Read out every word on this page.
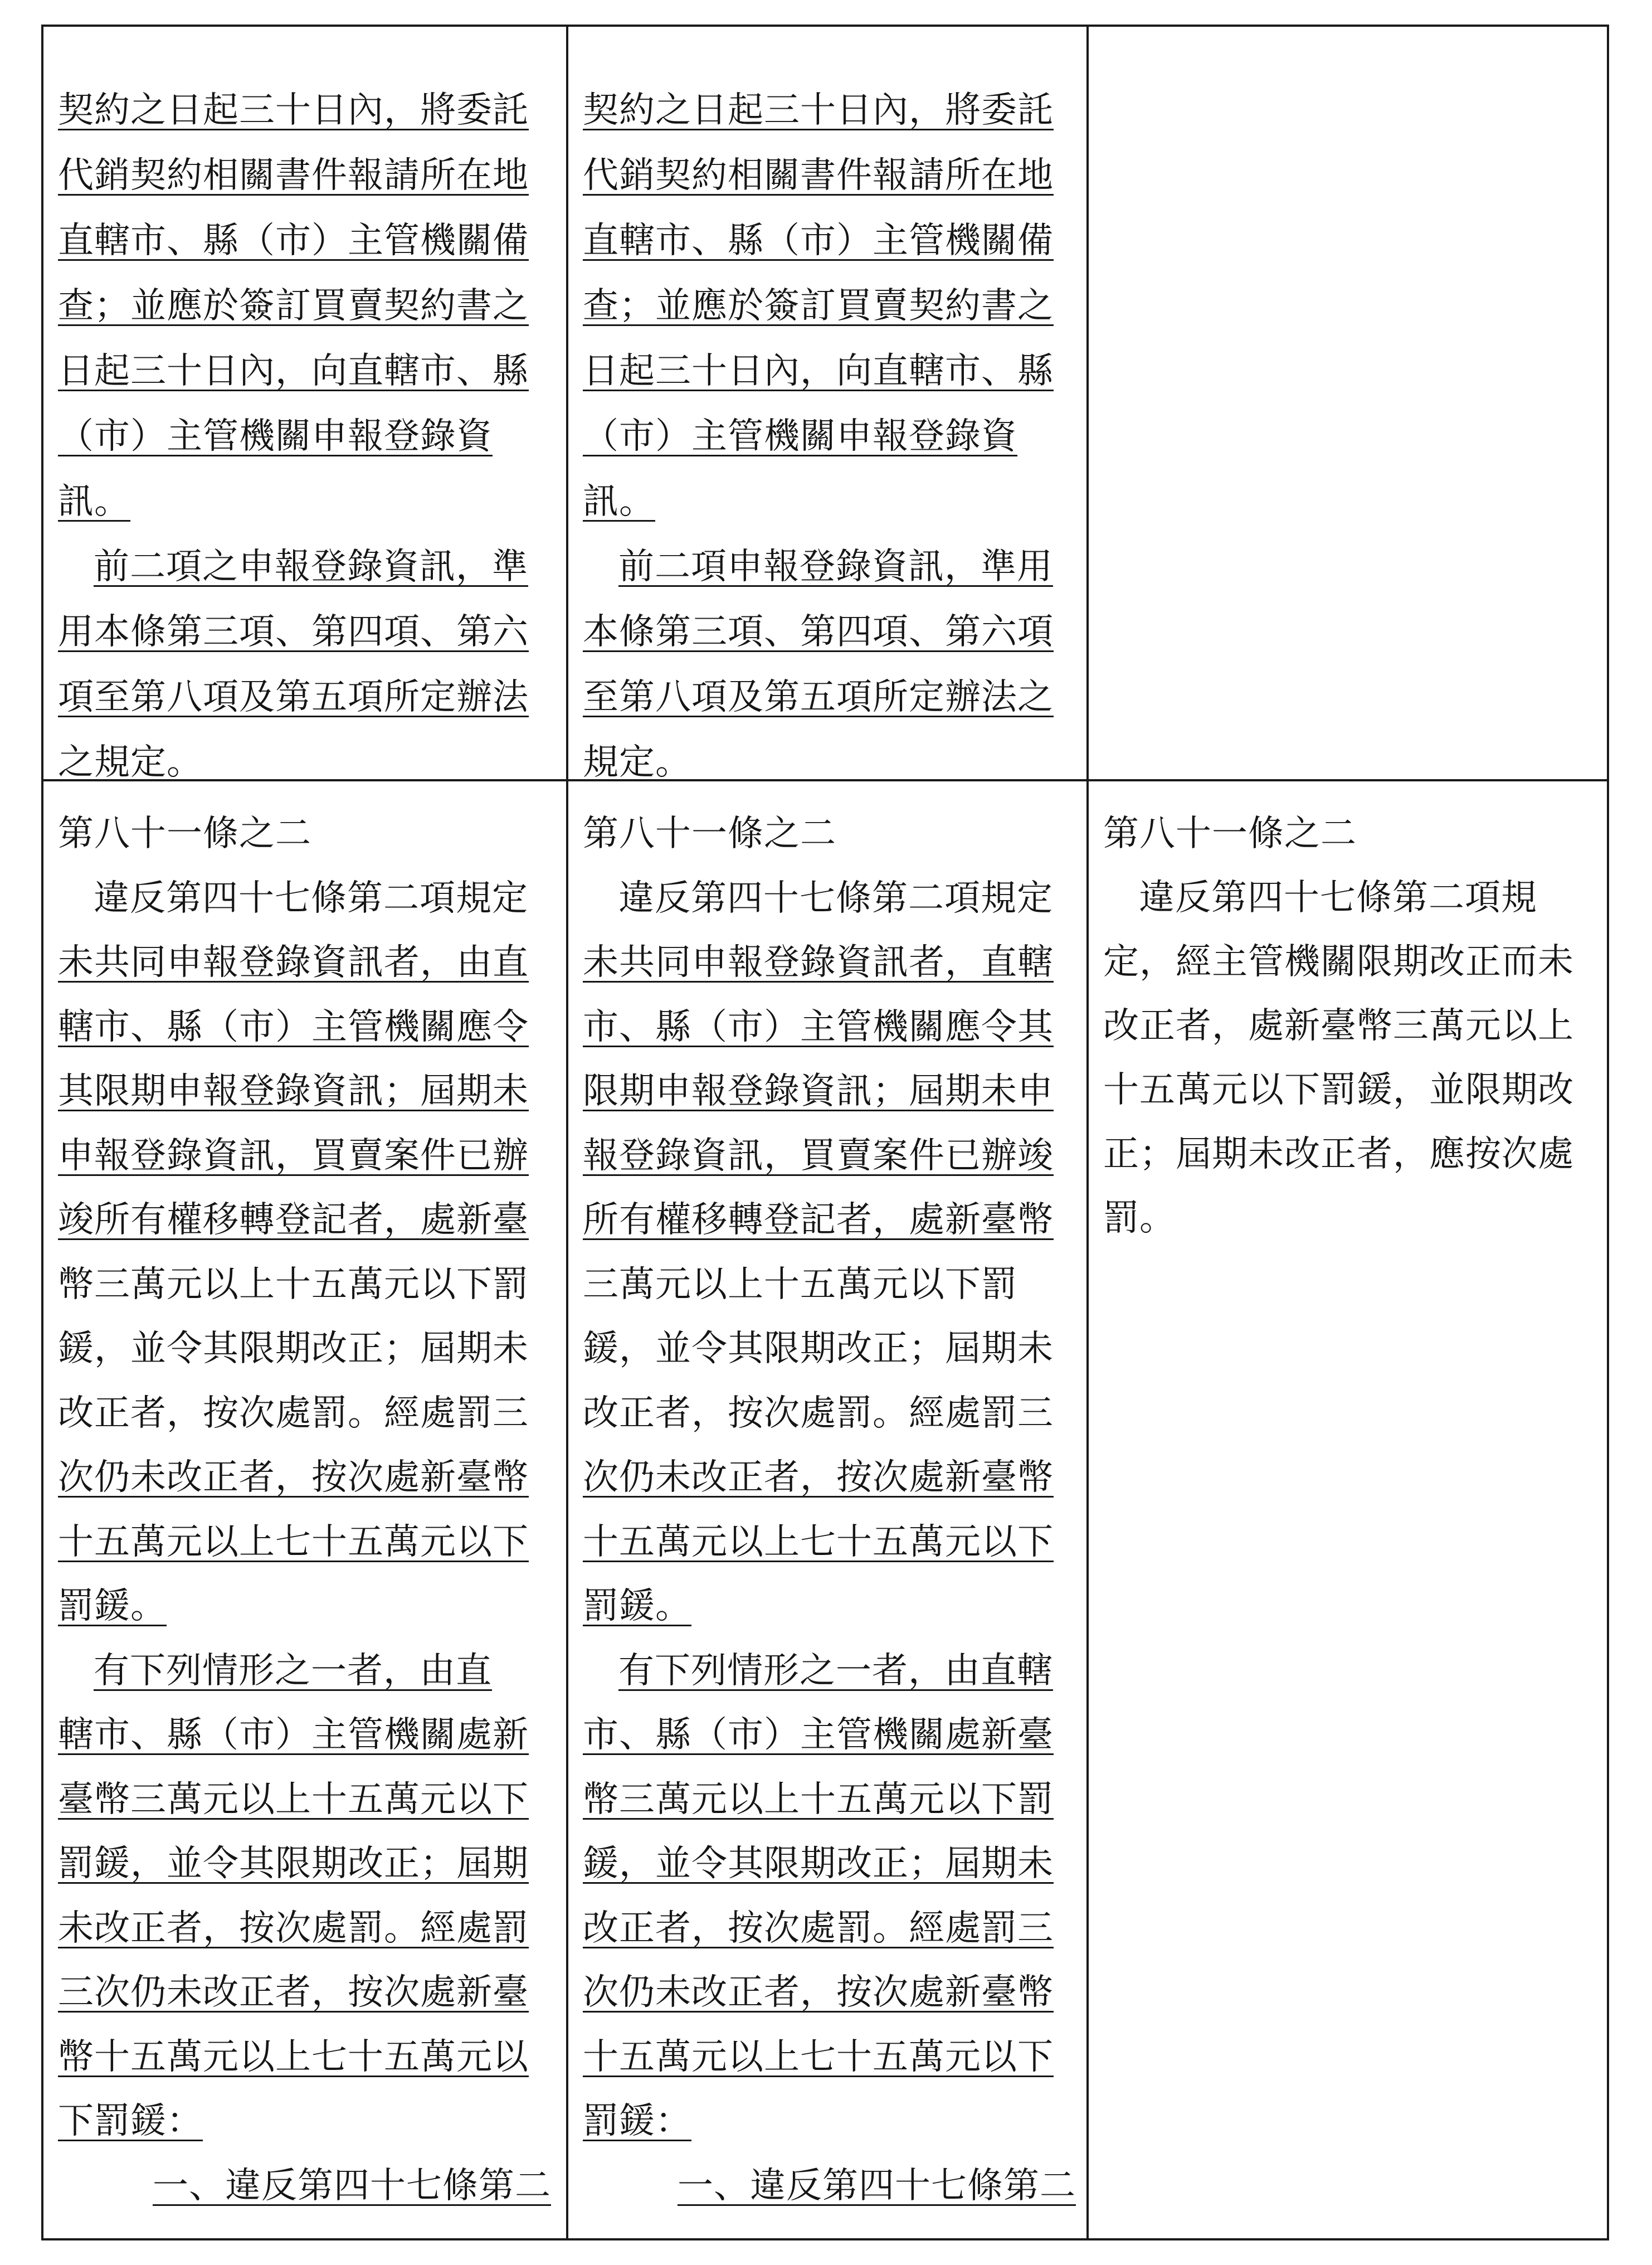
契約之日起三十日內，將委託
代銷契約相關書件報請所在地
直轄市、縣（市）主管機關備
查；並應於簽訂買賣契約書之
日起三十日內，向直轄市、縣
（市）主管機關申報登錄資
訊。
前二項之申報登錄資訊，準
用本條第三項、第四項、第六
項至第八項及第五項所定辦法
之規定。
契約之日起三十日內，將委託
代銷契約相關書件報請所在地
直轄市、縣（市）主管機關備
查；並應於簽訂買賣契約書之
日起三十日內，向直轄市、縣
（市）主管機關申報登錄資
訊。
前二項申報登錄資訊，準用
本條第三項、第四項、第六項
至第八項及第五項所定辦法之
規定。
第八十一條之二
違反第四十七條第二項規定
未共同申報登錄資訊者，由直
轄市、縣（市）主管機關應令
其限期申報登錄資訊；屆期未
申報登錄資訊，買賣案件已辦
竣所有權移轉登記者，處新臺
幣三萬元以上十五萬元以下罰
鍰，並令其限期改正；屆期未
改正者，按次處罰。經處罰三
次仍未改正者，按次處新臺幣
十五萬元以上七十五萬元以下
罰鍰。
有下列情形之一者，由直
轄市、縣（市）主管機關處新
臺幣三萬元以上十五萬元以下
罰鍰，並令其限期改正；屆期
未改正者，按次處罰。經處罰
三次仍未改正者，按次處新臺
幣十五萬元以上七十五萬元以
下罰鍰：
一、違反第四十七條第二
第八十一條之二
違反第四十七條第二項規定
未共同申報登錄資訊者，直轄
市、縣（市）主管機關應令其
限期申報登錄資訊；屆期未申
報登錄資訊，買賣案件已辦竣
所有權移轉登記者，處新臺幣
三萬元以上十五萬元以下罰
鍰，並令其限期改正；屆期未
改正者，按次處罰。經處罰三
次仍未改正者，按次處新臺幣
十五萬元以上七十五萬元以下
罰鍰。
有下列情形之一者，由直轄
市、縣（市）主管機關處新臺
幣三萬元以上十五萬元以下罰
鍰，並令其限期改正；屆期未
改正者，按次處罰。經處罰三
次仍未改正者，按次處新臺幣
十五萬元以上七十五萬元以下
罰鍰：
一、違反第四十七條第二
第八十一條之二
違反第四十七條第二項規
定，經主管機關限期改正而未
改正者，處新臺幣三萬元以上
十五萬元以下罰鍰，並限期改
正；屆期未改正者，應按次處
罰。
